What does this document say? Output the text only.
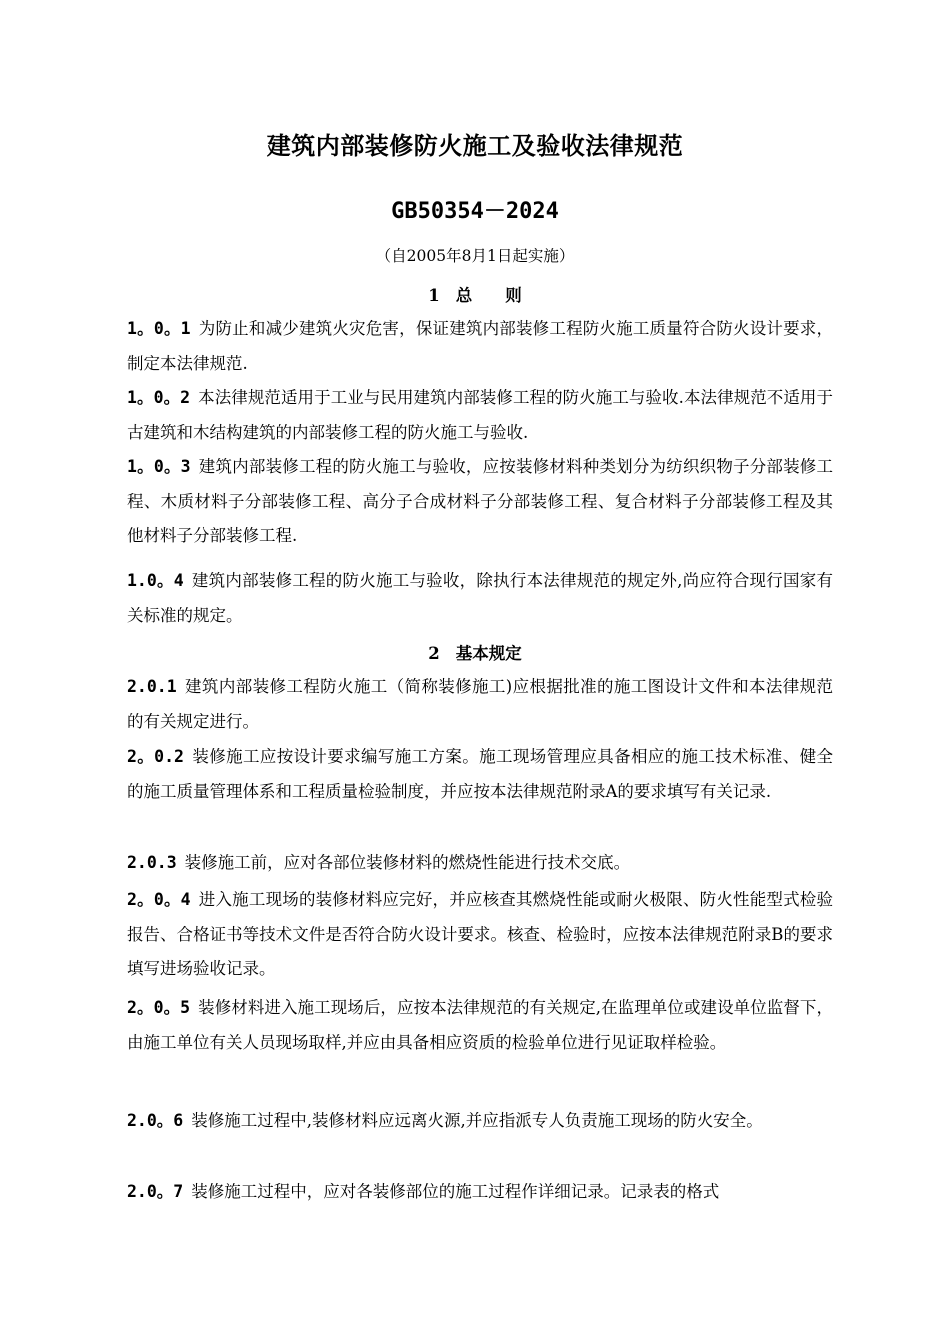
建筑内部装修防火施工及验收法律规范
GB50354－2024
（自2005年8月1日起实施）
1 总　　则
1。0。1 为防止和减少建筑火灾危害，保证建筑内部装修工程防火施工质量符合防火设计要求，制定本法律规范.
1。0。2 本法律规范适用于工业与民用建筑内部装修工程的防火施工与验收.本法律规范不适用于古建筑和木结构建筑的内部装修工程的防火施工与验收.
1。0。3 建筑内部装修工程的防火施工与验收，应按装修材料种类划分为纺织织物子分部装修工程、木质材料子分部装修工程、高分子合成材料子分部装修工程、复合材料子分部装修工程及其他材料子分部装修工程.
1.0。4 建筑内部装修工程的防火施工与验收，除执行本法律规范的规定外,尚应符合现行国家有关标准的规定。
2 基本规定
2.0.1 建筑内部装修工程防火施工（简称装修施工)应根据批准的施工图设计文件和本法律规范的有关规定进行。
2。0.2 装修施工应按设计要求编写施工方案。施工现场管理应具备相应的施工技术标准、健全的施工质量管理体系和工程质量检验制度，并应按本法律规范附录A的要求填写有关记录.
2.0.3 装修施工前，应对各部位装修材料的燃烧性能进行技术交底。
2。0。4 进入施工现场的装修材料应完好，并应核查其燃烧性能或耐火极限、防火性能型式检验报告、合格证书等技术文件是否符合防火设计要求。核查、检验时，应按本法律规范附录B的要求填写进场验收记录。
2。0。5 装修材料进入施工现场后，应按本法律规范的有关规定,在监理单位或建设单位监督下，由施工单位有关人员现场取样,并应由具备相应资质的检验单位进行见证取样检验。
2.0。6 装修施工过程中,装修材料应远离火源,并应指派专人负责施工现场的防火安全。
2.0。7 装修施工过程中，应对各装修部位的施工过程作详细记录。记录表的格式
